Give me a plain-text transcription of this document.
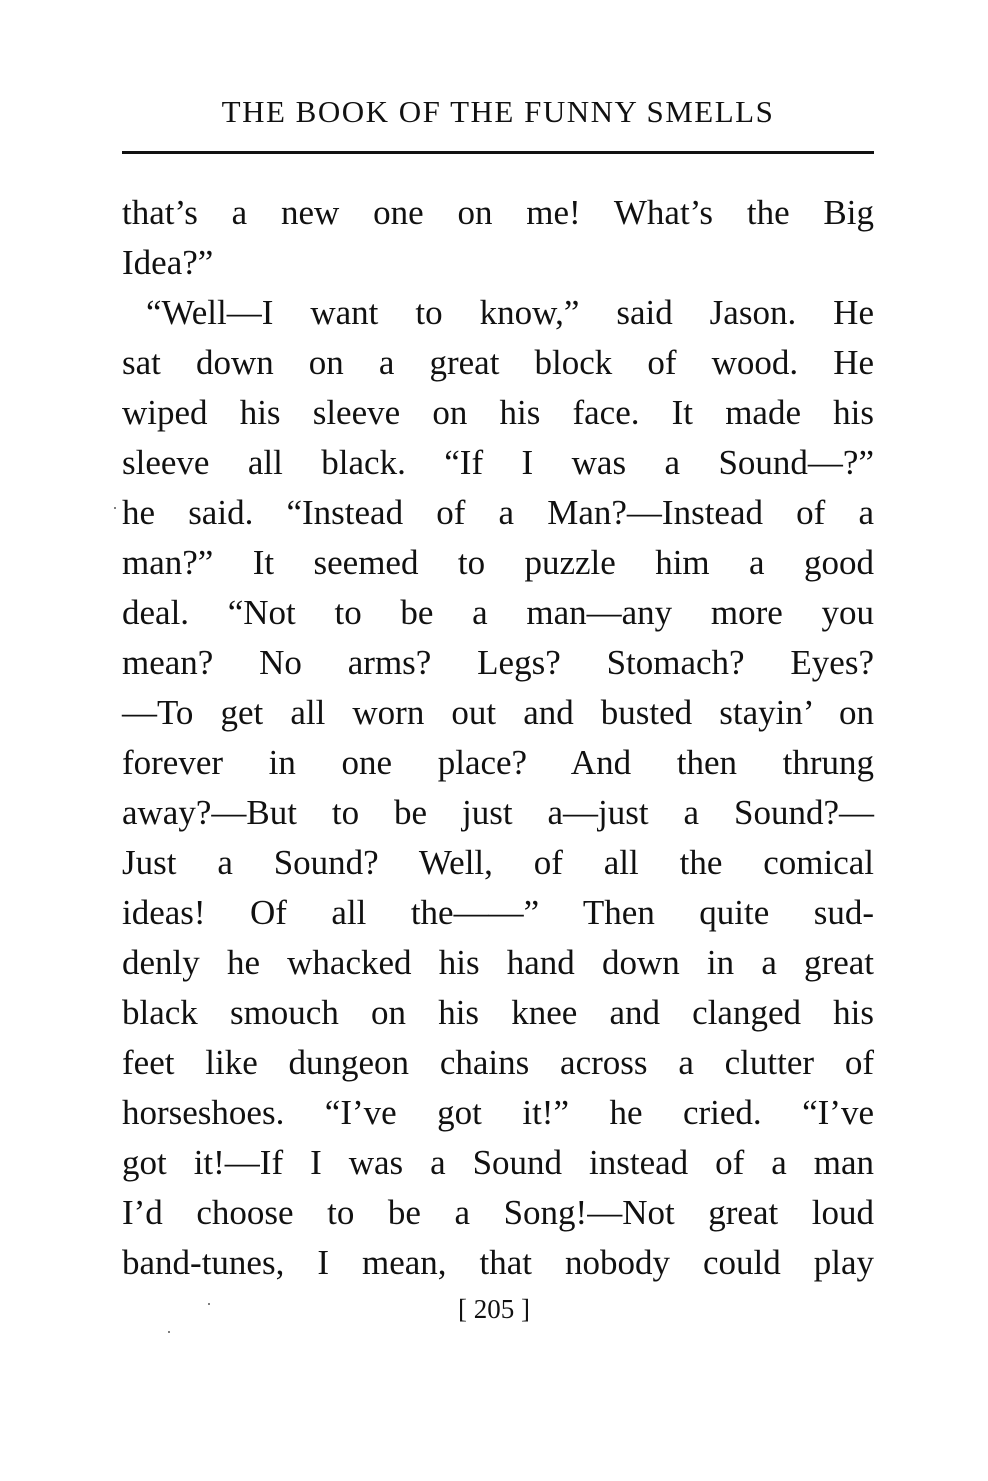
THE BOOK OF THE FUNNY SMELLS
that’s a new one on me! What’s the Big
Idea?”
“Well—I want to know,” said Jason. He
sat down on a great block of wood. He
wiped his sleeve on his face. It made his
sleeve all black. “If I was a Sound—?”
he said. “Instead of a Man?—Instead of a
man?” It seemed to puzzle him a good
deal. “Not to be a man—any more you
mean? No arms? Legs? Stomach? Eyes?
—To get all worn out and busted stayin’ on
forever in one place? And then thrung
away?—But to be just a—just a Sound?—
Just a Sound? Well, of all the comical
ideas! Of all the——” Then quite sud-
denly he whacked his hand down in a great
black smouch on his knee and clanged his
feet like dungeon chains across a clutter of
horseshoes. “I’ve got it!” he cried. “I’ve
got it!—If I was a Sound instead of a man
I’d choose to be a Song!—Not great loud
band-tunes, I mean, that nobody could play
[ 205 ]
